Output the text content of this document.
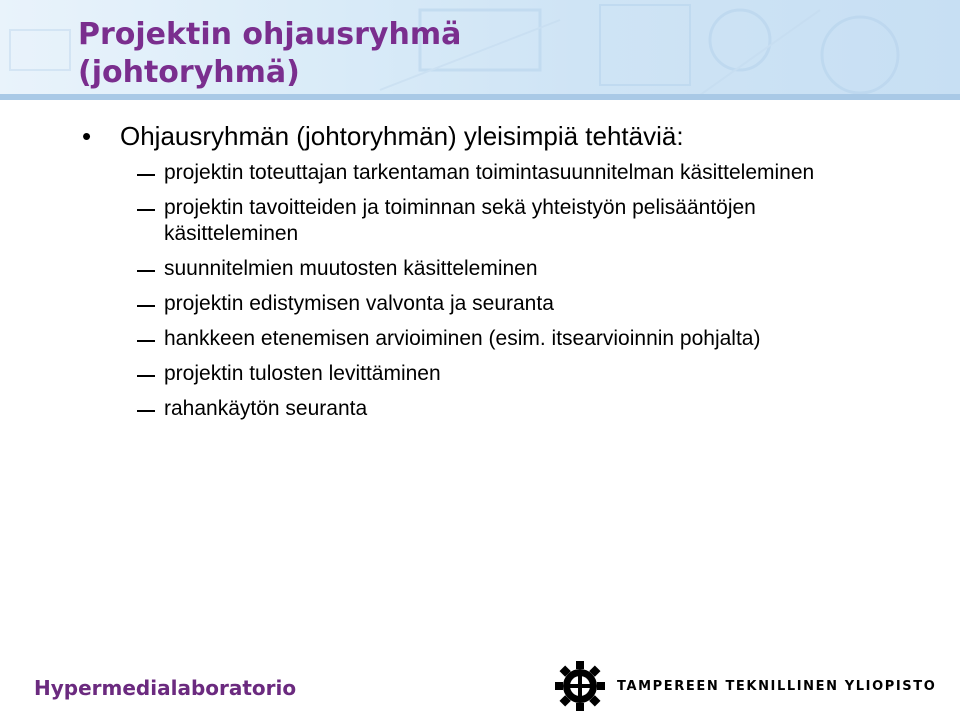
Projektin ohjausryhmä
(johtoryhmä)
•	Ohjausryhmän (johtoryhmän) yleisimpiä tehtäviä:
projektin toteuttajan tarkentaman toimintasuunnitelman käsitteleminen
projektin tavoitteiden ja toiminnan sekä yhteistyön pelisääntöjen käsitteleminen
suunnitelmien muutosten käsitteleminen
projektin edistymisen valvonta ja seuranta
hankkeen etenemisen arvioiminen (esim. itsearvioinnin pohjalta)
projektin tulosten levittäminen
rahankäytön seuranta
Hypermedialaboratorio	TAMPEREEN TEKNILLINEN YLIOPISTO
